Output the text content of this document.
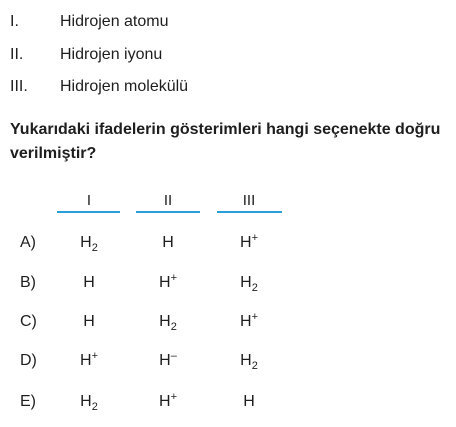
I.	Hidrojen atomu
II. Hidrojen iyonu
III. Hidrojen molekülü
Yukarıdaki ifadelerin gösterimleri hangi seçenekte doğru verilmiştir?
I	II	III
A)	$H_2$	H	H+
B)	H	H+	$H_2$
C)	H	$H_2$	H+
D)	H+	H–	$H_2$
E)	$H_2$	H+	H
